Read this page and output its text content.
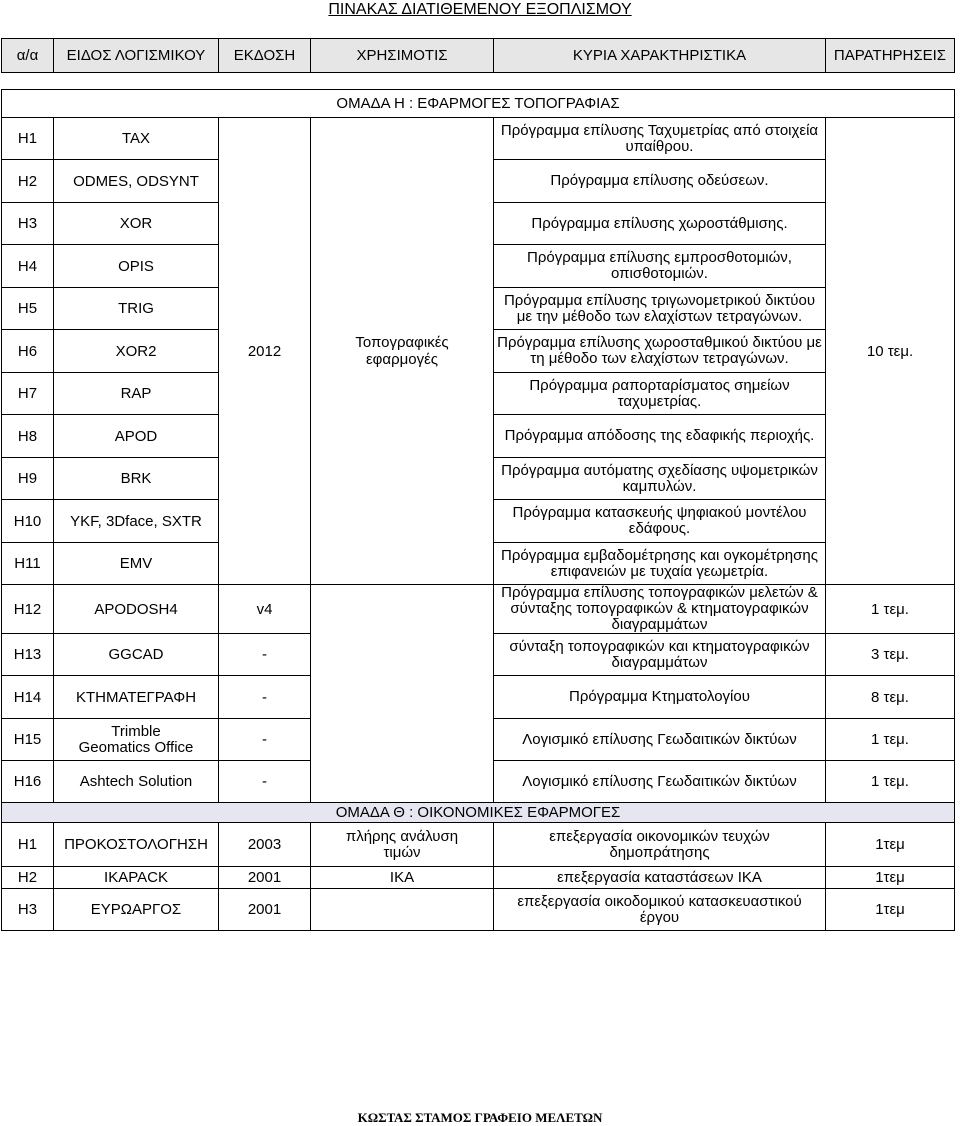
ΠΙΝΑΚΑΣ ΔΙΑΤΙΘΕΜΕΝΟΥ ΕΞΟΠΛΙΣΜΟΥ
α/α	ΕΙΔΟΣ ΛΟΓΙΣΜΙΚΟΥ	ΕΚΔΟΣΗ	ΧΡΗΣΙΜΟΤΙΣ	ΚΥΡΙΑ ΧΑΡΑΚΤΗΡΙΣΤΙΚΑ	ΠΑΡΑΤΗΡΗΣΕΙΣ
ΟΜΑΔΑ Η : ΕΦΑΡΜΟΓΕΣ ΤΟΠΟΓΡΑΦΙΑΣ					
H1	TAX	2012	Τοπογραφικές εφαρμογές	Πρόγραμμα επίλυσης Ταχυμετρίας από στοιχεία υπαίθρου.	10 τεμ.
H2	ODMES, ODSYNT			Πρόγραμμα επίλυσης οδεύσεων.	
H3	XOR			Πρόγραμμα επίλυσης χωροστάθμισης.	
H4	OPIS			Πρόγραμμα επίλυσης εμπροσθοτομιών, οπισθοτομιών.	
H5	TRIG			Πρόγραμμα επίλυσης τριγωνομετρικού δικτύου με την μέθοδο των ελαχίστων τετραγώνων.	
H6	XOR2			Πρόγραμμα επίλυσης χωροσταθμικού δικτύου με τη μέθοδο των ελαχίστων τετραγώνων.	
H7	RAP			Πρόγραμμα ραπορταρίσματος σημείων ταχυμετρίας.	
H8	APOD			Πρόγραμμα απόδοσης της εδαφικής περιοχής.	
H9	BRK			Πρόγραμμα αυτόματης σχεδίασης υψομετρικών καμπυλών.	
H10	YKF, 3Dface, SXTR			Πρόγραμμα κατασκευής ψηφιακού μοντέλου εδάφους.	
H11	EMV			Πρόγραμμα εμβαδομέτρησης και ογκομέτρησης επιφανειών με τυχαία γεωμετρία.	
H12	APODOSH4	v4		Πρόγραμμα επίλυσης τοπογραφικών μελετών & σύνταξης τοπογραφικών & κτηματογραφικών διαγραμμάτων	1 τεμ.
H13	GGCAD	-		σύνταξη τοπογραφικών και κτηματογραφικών διαγραμμάτων	3 τεμ.
H14	ΚΤΗΜΑΤΕΓΡΑΦΗ	-		Πρόγραμμα Κτηματολογίου	8 τεμ.
H15	Trimble Geomatics Office	-		Λογισμικό επίλυσης Γεωδαιτικών δικτύων	1 τεμ.
H16	Ashtech Solution	-		Λογισμικό επίλυσης Γεωδαιτικών δικτύων	1 τεμ.
ΟΜΑΔΑ Θ : ΟΙΚΟΝΟΜΙΚΕΣ ΕΦΑΡΜΟΓΕΣ					
H1	ΠΡΟΚΟΣΤΟΛΟΓΗΣΗ	2003	πλήρης ανάλυση τιμών	επεξεργασία οικονομικών τευχών δημοπράτησης	1τεμ
H2	IKAPACK	2001	ΙΚΑ	επεξεργασία καταστάσεων ΙΚΑ	1τεμ
H3	ΕΥΡΩΑΡΓΟΣ	2001		επεξεργασία οικοδομικού κατασκευαστικού έργου	1τεμ
ΚΩΣΤΑΣ ΣΤΑΜΟΣ ΓΡΑΦΕΙΟ ΜΕΛΕΤΩΝ
